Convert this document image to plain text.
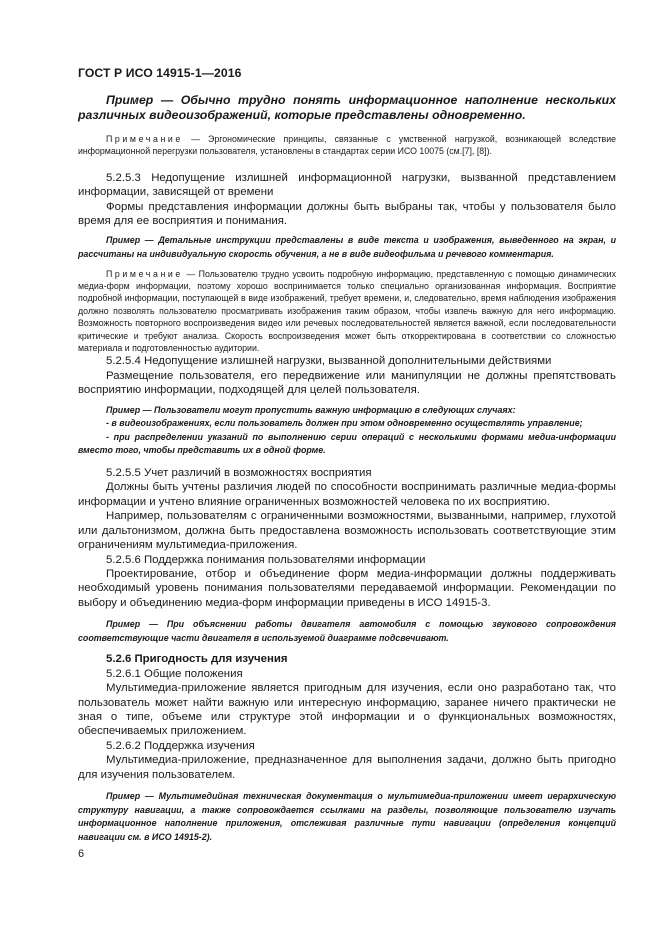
ГОСТ Р ИСО 14915-1—2016

Пример — Обычно трудно понять информационное наполнение нескольких различных видеоизображений, которые представлены одновременно.

Примечание — Эргономические принципы, связанные с умственной нагрузкой, возникающей вследствие информационной перегрузки пользователя, установлены в стандартах серии ИСО 10075 (см.[7], [8]).

5.2.5.3 Недопущение излишней информационной нагрузки, вызванной представлением информации, зависящей от времени

Формы представления информации должны быть выбраны так, чтобы у пользователя было время для ее восприятия и понимания.

Пример — Детальные инструкции представлены в виде текста и изображения, выведенного на экран, и рассчитаны на индивидуальную скорость обучения, а не в виде видеофильма и речевого комментария.

Примечание — Пользователю трудно усвоить подробную информацию, представленную с помощью динамических медиа-форм информации, поэтому хорошо воспринимается только специально организованная информация. Восприятие подробной информации, поступающей в виде изображений, требует времени, и, следовательно, время наблюдения изображения должно позволять пользователю просматривать изображения таким образом, чтобы извлечь важную для него информацию. Возможность повторного воспроизведения видео или речевых последовательностей является важной, если последовательности критические и требуют анализа. Скорость воспроизведения может быть откорректирована в соответствии со сложностью материала и подготовленностью аудитории.

5.2.5.4 Недопущение излишней нагрузки, вызванной дополнительными действиями

Размещение пользователя, его передвижение или манипуляции не должны препятствовать восприятию информации, подходящей для целей пользователя.

Пример — Пользователи могут пропустить важную информацию в следующих случаях:

- в видеоизображениях, если пользователь должен при этом одновременно осуществлять управление;

- при распределении указаний по выполнению серии операций с несколькими формами медиа-информации вместо того, чтобы представить их в одной форме.

5.2.5.5 Учет различий в возможностях восприятия

Должны быть учтены различия людей по способности воспринимать различные медиа-формы информации и учтено влияние ограниченных возможностей человека по их восприятию.

Например, пользователям с ограниченными возможностями, вызванными, например, глухотой или дальтонизмом, должна быть предоставлена возможность использовать соответствующие этим ограничениям мультимедиа-приложения.

5.2.5.6 Поддержка понимания пользователями информации

Проектирование, отбор и объединение форм медиа-информации должны поддерживать необходимый уровень понимания пользователями передаваемой информации. Рекомендации по выбору и объединению медиа-форм информации приведены в ИСО 14915-3.

Пример — При объяснении работы двигателя автомобиля с помощью звукового сопровождения соответствующие части двигателя в используемой диаграмме подсвечивают.

5.2.6 Пригодность для изучения

5.2.6.1 Общие положения

Мультимедиа-приложение является пригодным для изучения, если оно разработано так, что пользователь может найти важную или интересную информацию, заранее ничего практически не зная о типе, объеме или структуре этой информации и о функциональных возможностях, обеспечиваемых приложением.

5.2.6.2 Поддержка изучения

Мультимедиа-приложение, предназначенное для выполнения задачи, должно быть пригодно для изучения пользователем.

Пример — Мультимедийная техническая документация о мультимедиа-приложении имеет иерархическую структуру навигации, а также сопровождается ссылками на разделы, позволяющие пользователю изучать информационное наполнение приложения, отслеживая различные пути навигации (определения концепций навигации см. в ИСО 14915-2).

6
